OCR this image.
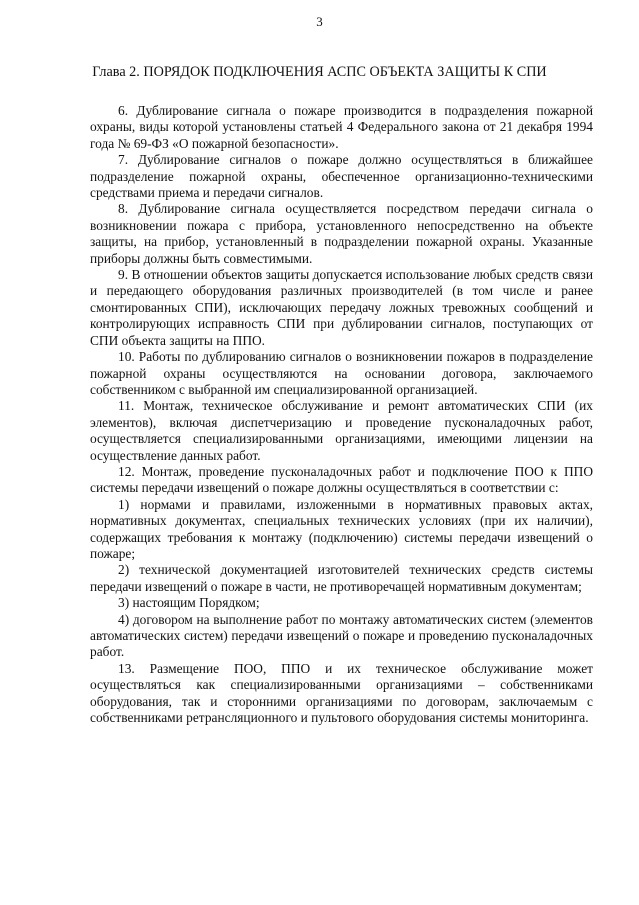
3
Глава 2. ПОРЯДОК ПОДКЛЮЧЕНИЯ АСПС ОБЪЕКТА ЗАЩИТЫ К СПИ

6. Дублирование сигнала о пожаре производится в подразделения пожарной охраны, виды которой установлены статьей 4 Федерального закона от 21 декабря 1994 года № 69-ФЗ «О пожарной безопасности».

7. Дублирование сигналов о пожаре должно осуществляться в ближайшее подразделение пожарной охраны, обеспеченное организационно-техническими средствами приема и передачи сигналов.

8. Дублирование сигнала осуществляется посредством передачи сигнала о возникновении пожара с прибора, установленного непосредственно на объекте защиты, на прибор, установленный в подразделении пожарной охраны. Указанные приборы должны быть совместимыми.

9. В отношении объектов защиты допускается использование любых средств связи и передающего оборудования различных производителей (в том числе и ранее смонтированных СПИ), исключающих передачу ложных тревожных сообщений и контролирующих исправность СПИ при дублировании сигналов, поступающих от СПИ объекта защиты на ППО.

10. Работы по дублированию сигналов о возникновении пожаров в подразделение пожарной охраны осуществляются на основании договора, заключаемого собственником с выбранной им специализированной организацией.

11. Монтаж, техническое обслуживание и ремонт автоматических СПИ (их элементов), включая диспетчеризацию и проведение пусконаладочных работ, осуществляется специализированными организациями, имеющими лицензии на осуществление данных работ.

12. Монтаж, проведение пусконаладочных работ и подключение ПОО к ППО системы передачи извещений о пожаре должны осуществляться в соответствии с:

1) нормами и правилами, изложенными в нормативных правовых актах, нормативных документах, специальных технических условиях (при их наличии), содержащих требования к монтажу (подключению) системы передачи извещений о пожаре;

2) технической документацией изготовителей технических средств системы передачи извещений о пожаре в части, не противоречащей нормативным документам;

3) настоящим Порядком;

4) договором на выполнение работ по монтажу автоматических систем (элементов автоматических систем) передачи извещений о пожаре и проведению пусконаладочных работ.

13. Размещение ПОО, ППО и их техническое обслуживание может осуществляться как специализированными организациями – собственниками оборудования, так и сторонними организациями по договорам, заключаемым с собственниками ретрансляционного и пультового оборудования системы мониторинга.
